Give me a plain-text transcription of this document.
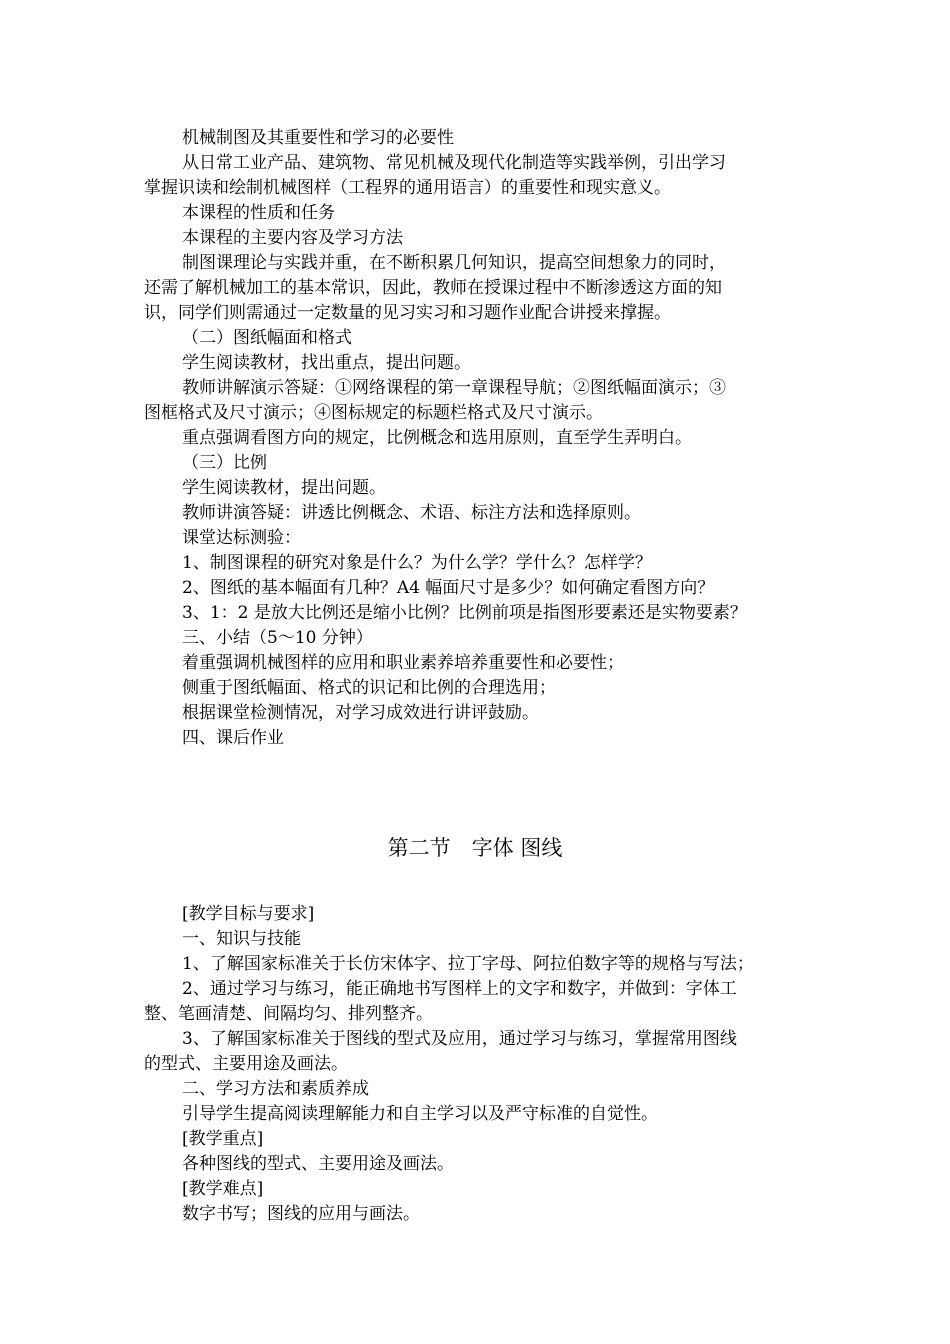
机械制图及其重要性和学习的必要性
从日常工业产品、建筑物、常见机械及现代化制造等实践举例，引出学习
掌握识读和绘制机械图样（工程界的通用语言）的重要性和现实意义。
本课程的性质和任务
本课程的主要内容及学习方法
制图课理论与实践并重，在不断积累几何知识，提高空间想象力的同时，
还需了解机械加工的基本常识，因此，教师在授课过程中不断渗透这方面的知
识，同学们则需通过一定数量的见习实习和习题作业配合讲授来撑握。
（二）图纸幅面和格式
学生阅读教材，找出重点，提出问题。
教师讲解演示答疑：①网络课程的第一章课程导航；②图纸幅面演示；③
图框格式及尺寸演示；④图标规定的标题栏格式及尺寸演示。
重点强调看图方向的规定，比例概念和选用原则，直至学生弄明白。
（三）比例
学生阅读教材，提出问题。
教师讲演答疑：讲透比例概念、术语、标注方法和选择原则。
课堂达标测验：
1、制图课程的研究对象是什么？为什么学？学什么？怎样学？
2、图纸的基本幅面有几种？A4 幅面尺寸是多少？如何确定看图方向？
3、1：2 是放大比例还是缩小比例？比例前项是指图形要素还是实物要素？
三、小结（5～10 分钟）
着重强调机械图样的应用和职业素养培养重要性和必要性；
侧重于图纸幅面、格式的识记和比例的合理选用；
根据课堂检测情况，对学习成效进行讲评鼓励。
四、课后作业
第二节　字体 图线
[教学目标与要求]
一、知识与技能
1、了解国家标准关于长仿宋体字、拉丁字母、阿拉伯数字等的规格与写法；
2、通过学习与练习，能正确地书写图样上的文字和数字，并做到：字体工
整、笔画清楚、间隔均匀、排列整齐。
3、了解国家标准关于图线的型式及应用，通过学习与练习，掌握常用图线
的型式、主要用途及画法。
二、学习方法和素质养成
引导学生提高阅读理解能力和自主学习以及严守标准的自觉性。
[教学重点]
各种图线的型式、主要用途及画法。
[教学难点]
数字书写；图线的应用与画法。
